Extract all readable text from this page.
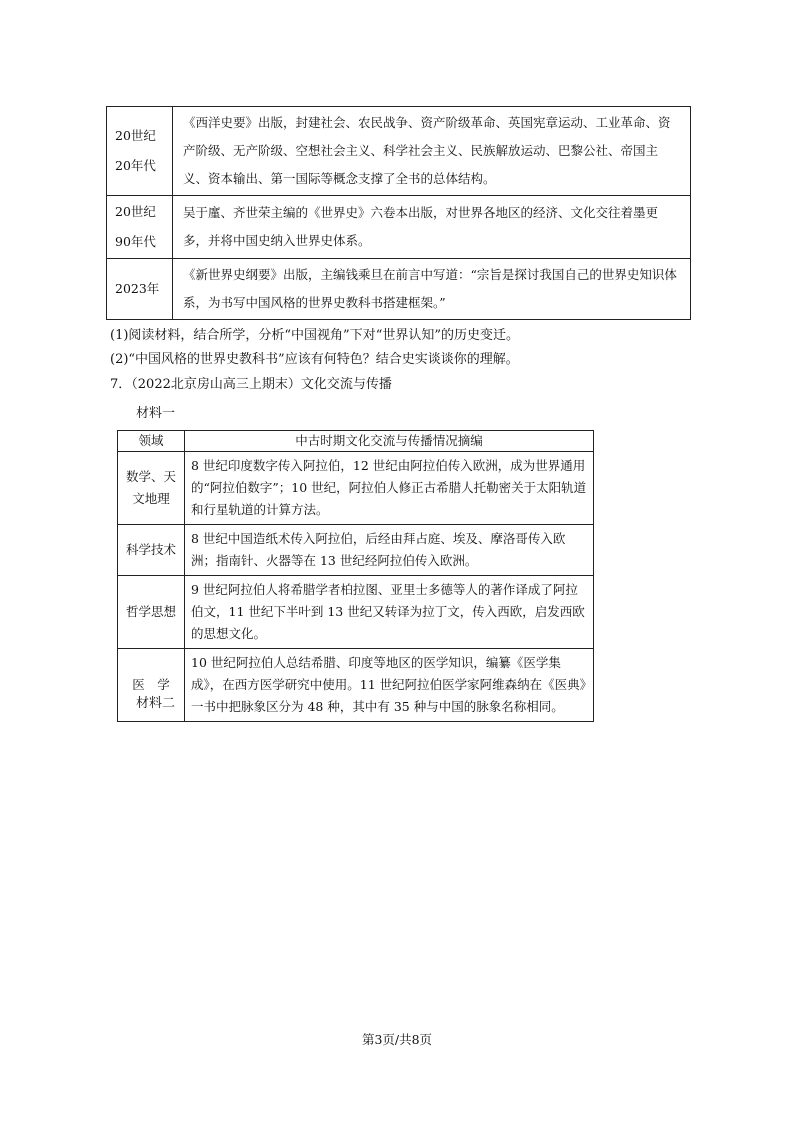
20世纪
20年代	《西洋史要》出版，封建社会、农民战争、资产阶级革命、英国宪章运动、工业革命、资产阶级、无产阶级、空想社会主义、科学社会主义、民族解放运动、巴黎公社、帝国主义、资本输出、第一国际等概念支撑了全书的总体结构。
20世纪
90年代	吴于廑、齐世荣主编的《世界史》六卷本出版，对世界各地区的经济、文化交往着墨更多，并将中国史纳入世界史体系。
2023年	《新世界史纲要》出版，主编钱乘旦在前言中写道：“宗旨是探讨我国自己的世界史知识体系，为书写中国风格的世界史教科书搭建框架。”
(1)阅读材料，结合所学，分析“中国视角”下对“世界认知”的历史变迁。
(2)“中国风格的世界史教科书”应该有何特色？结合史实谈谈你的理解。
7．（2022北京房山高三上期末）文化交流与传播
材料一
领域	中古时期文化交流与传播情况摘编
数学、天文地理	8 世纪印度数字传入阿拉伯，12 世纪由阿拉伯传入欧洲，成为世界通用的“阿拉伯数字”；10 世纪，阿拉伯人修正古希腊人托勒密关于太阳轨道和行星轨道的计算方法。
科学技术	8 世纪中国造纸术传入阿拉伯，后经由拜占庭、埃及、摩洛哥传入欧洲；指南针、火器等在 13 世纪经阿拉伯传入欧洲。
哲学思想	9 世纪阿拉伯人将希腊学者柏拉图、亚里士多德等人的著作译成了阿拉伯文，11 世纪下半叶到 13 世纪又转译为拉丁文，传入西欧，启发西欧的思想文化。
医　学	10 世纪阿拉伯人总结希腊、印度等地区的医学知识，编纂《医学集成》，在西方医学研究中使用。11 世纪阿拉伯医学家阿维森纳在《医典》一书中把脉象区分为 48 种，其中有 35 种与中国的脉象名称相同。
材料二
第3页/共8页
